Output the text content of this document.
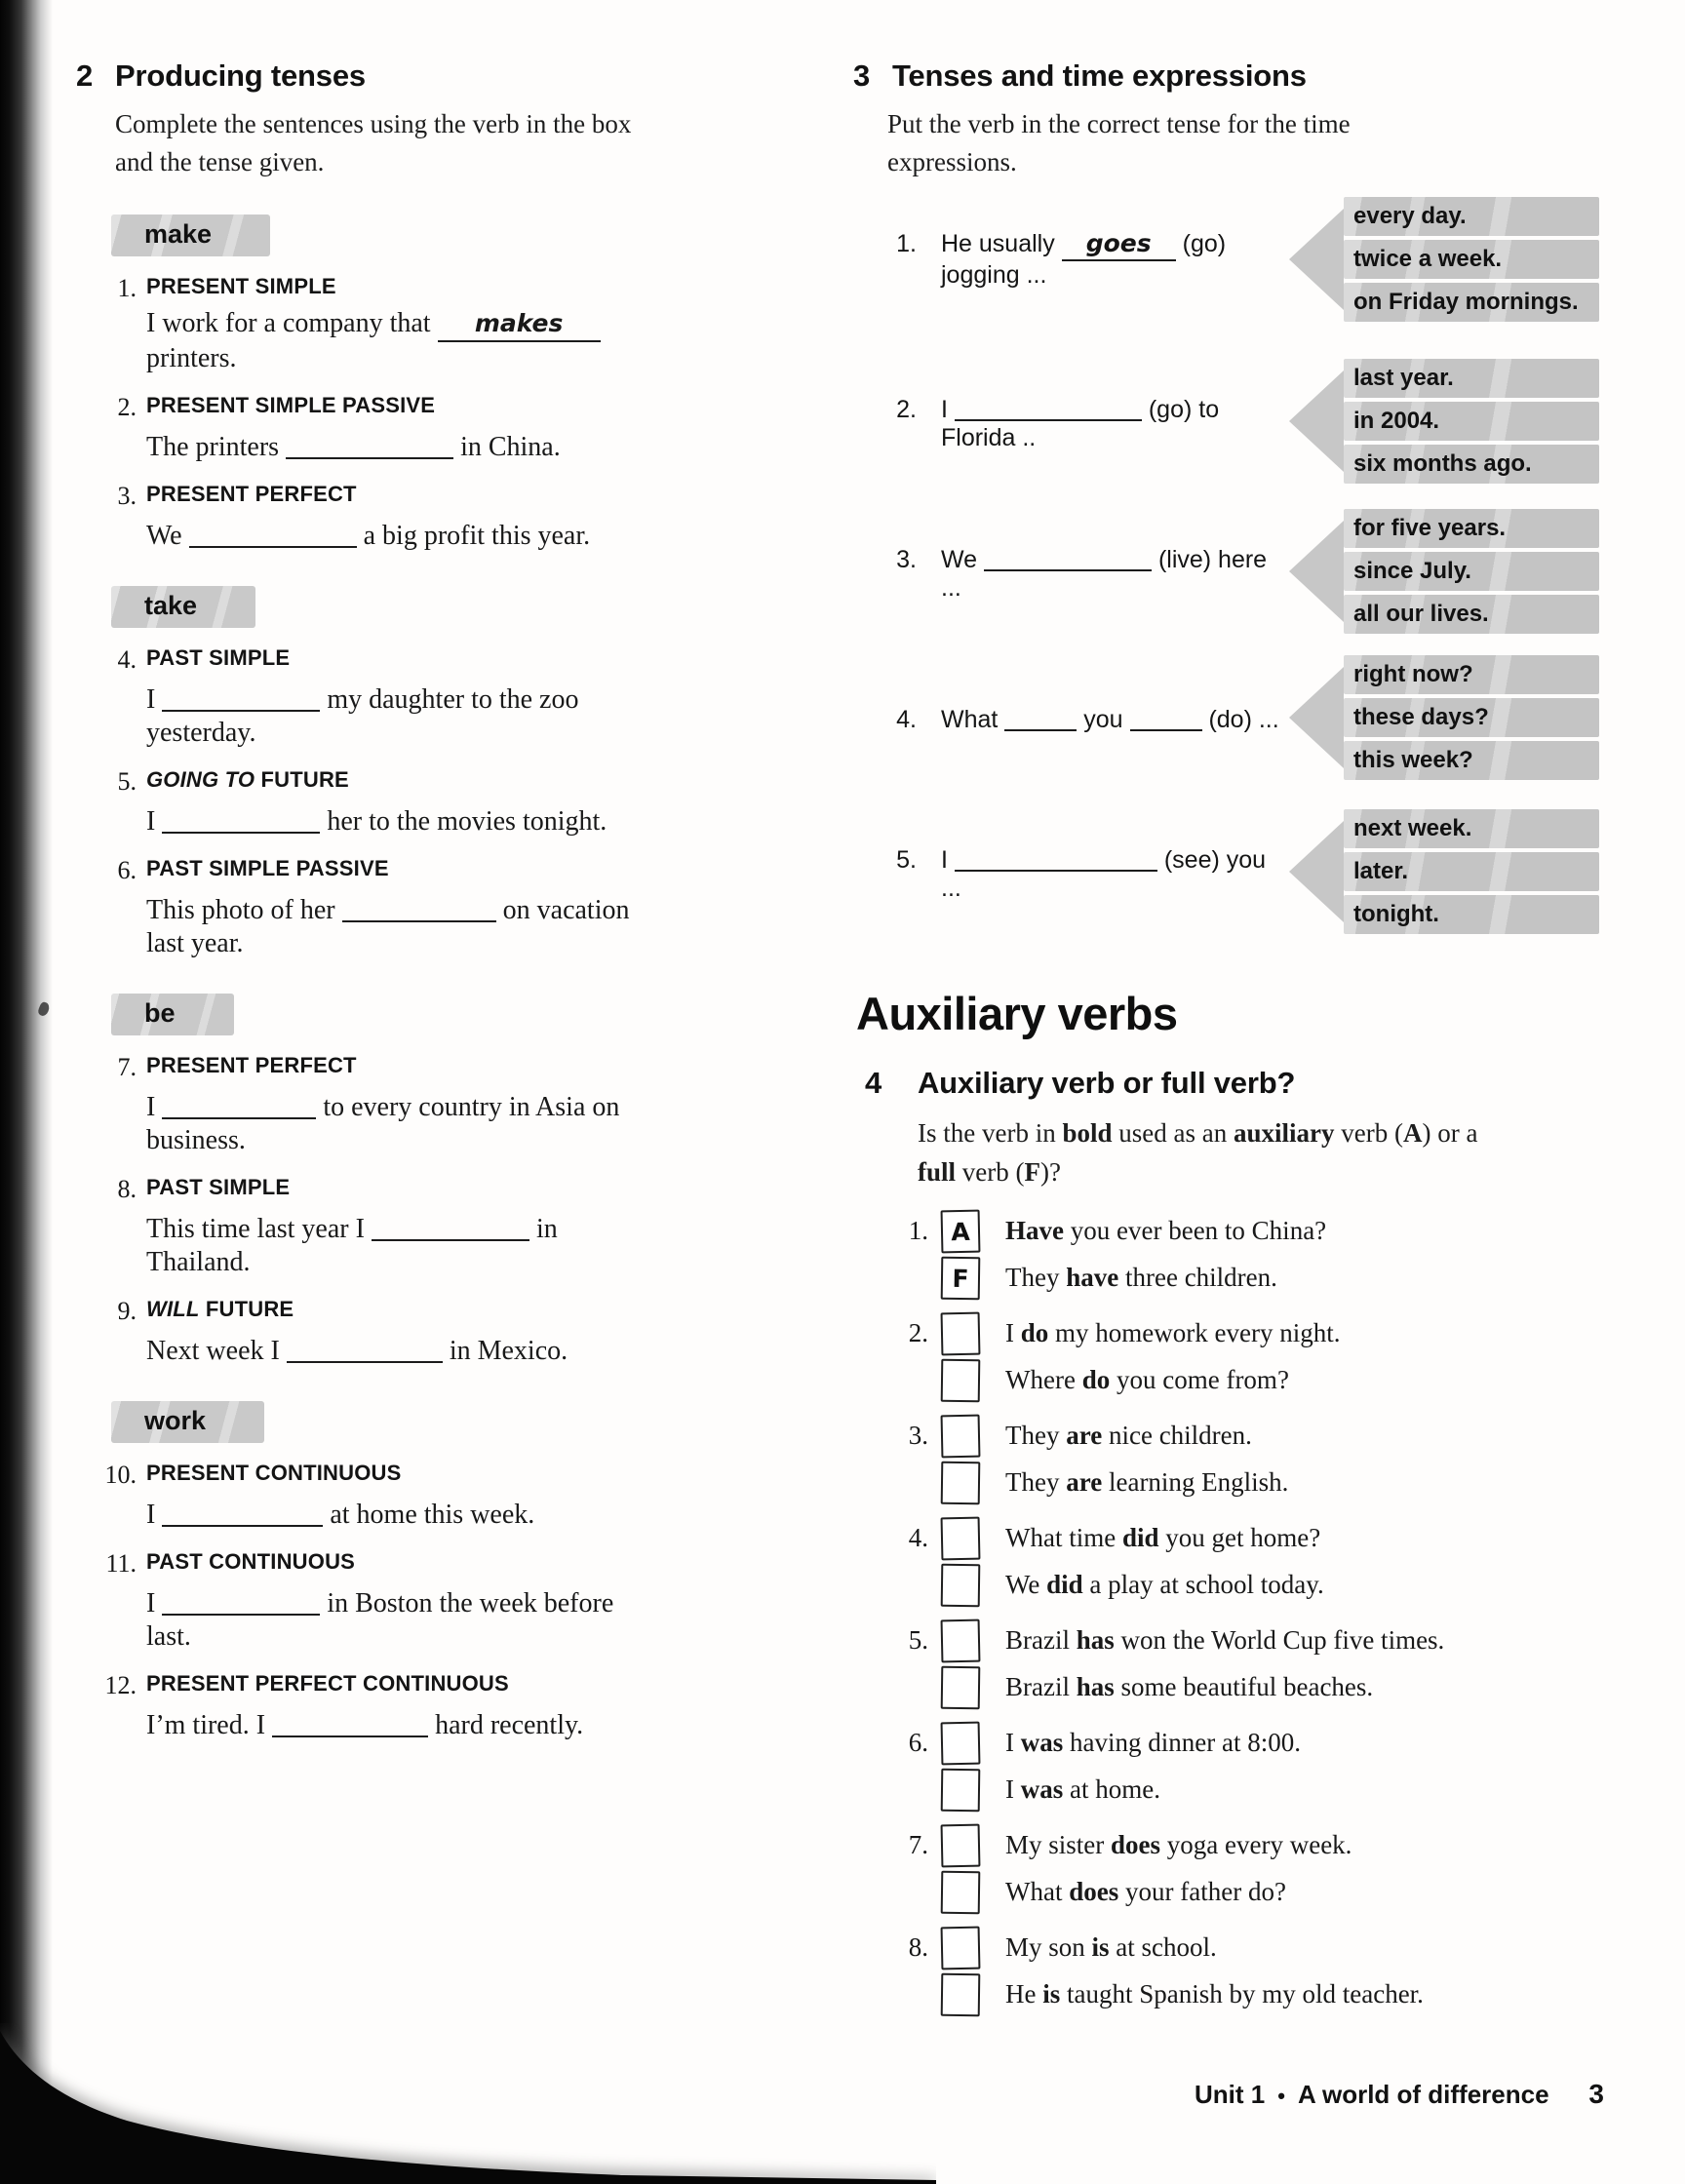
2 Producing tenses
Complete the sentences using the verb in the box and the tense given.
make
1. PRESENT SIMPLE
I work for a company that makes printers.
2. PRESENT SIMPLE PASSIVE
The printers	in China.
3. PRESENT PERFECT
We	a big profit this year.
take
4. PAST SIMPLE
I	my daughter to the zoo yesterday.
5. GOING TO FUTURE
I	her to the movies tonight.
6. PAST SIMPLE PASSIVE
This photo of her	on vacation last year.
be
7. PRESENT PERFECT
I	to every country in Asia on business.
8. PAST SIMPLE
This time last year I	in Thailand.
9. WILL FUTURE
Next week I	in Mexico.
work
10. PRESENT CONTINUOUS
I	at home this week.
11. PAST CONTINUOUS
I	in Boston the week before last.
12. PRESENT PERFECT CONTINUOUS
I’m tired. I	hard recently.
3 Tenses and time expressions
Put the verb in the correct tense for the time expressions.
1. He usually goes (go) jogging ...
every day.
twice a week.
on Friday mornings.
2. I	(go) to Florida ..
last year.
in 2004.
six months ago.
3. We	(live) here ...
for five years.
since July.
all our lives.
4. What	you	(do) ...
right now?
these days?
this week?
5. I	(see) you ...
next week.
later.
tonight.
Auxiliary verbs
4	Auxiliary verb or full verb?
Is the verb in bold used as an auxiliary verb (A) or a full verb (F)?
1. A Have you ever been to China?
F They have three children.
2.	I do my homework every night.
Where do you come from?
3.	They are nice children.
They are learning English.
4.	What time did you get home?
We did a play at school today.
5.	Brazil has won the World Cup five times.
Brazil has some beautiful beaches.
6.	I was having dinner at 8:00.
I was at home.
7.	My sister does yoga every week.
What does your father do?
8.	My son is at school.
He is taught Spanish by my old teacher.
Unit 1 • A world of difference 3
